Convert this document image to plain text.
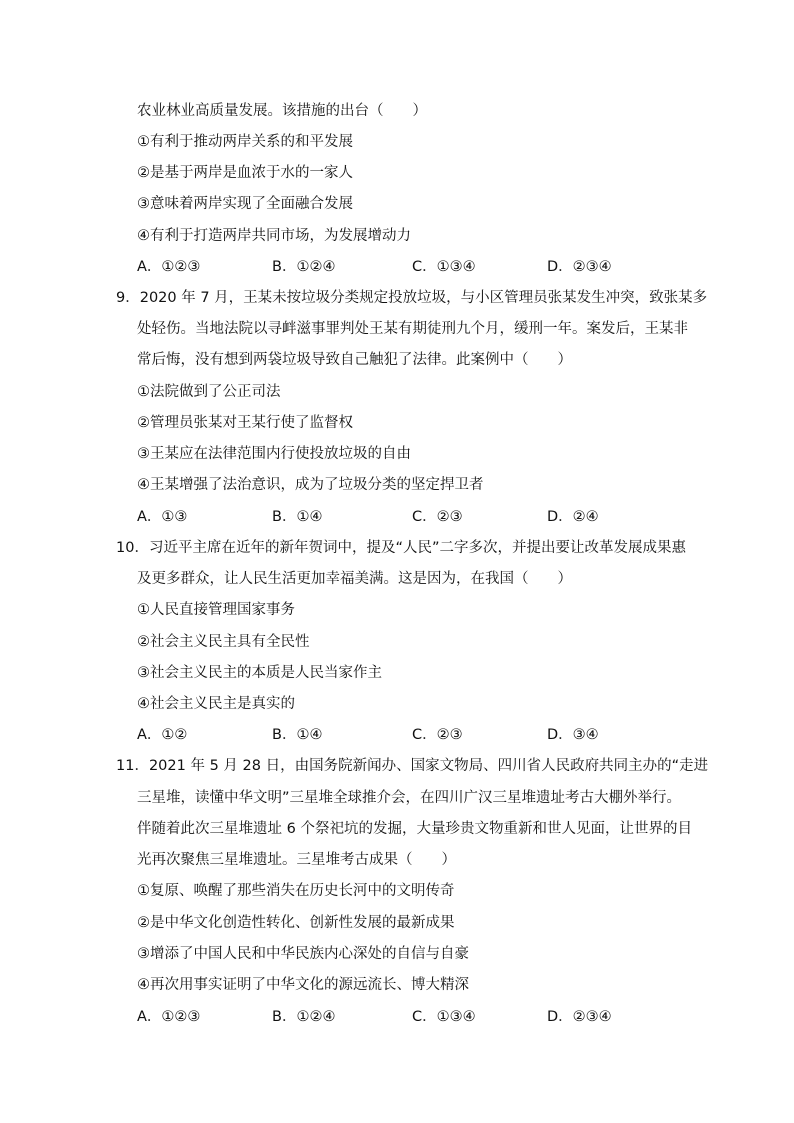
农业林业高质量发展。该措施的出台（　　）
①有利于推动两岸关系的和平发展
②是基于两岸是血浓于水的一家人
③意味着两岸实现了全面融合发展
④有利于打造两岸共同市场，为发展增动力
A．①②③	B．①②④	C．①③④	D．②③④
9．2020 年 7 月，王某未按垃圾分类规定投放垃圾，与小区管理员张某发生冲突，致张某多
处轻伤。当地法院以寻衅滋事罪判处王某有期徒刑九个月，缓刑一年。案发后，王某非
常后悔，没有想到两袋垃圾导致自己触犯了法律。此案例中（　　）
①法院做到了公正司法
②管理员张某对王某行使了监督权
③王某应在法律范围内行使投放垃圾的自由
④王某增强了法治意识，成为了垃圾分类的坚定捍卫者
A．①③	B．①④	C．②③	D．②④
10．习近平主席在近年的新年贺词中，提及“人民”二字多次，并提出要让改革发展成果惠
及更多群众，让人民生活更加幸福美满。这是因为，在我国（　　）
①人民直接管理国家事务
②社会主义民主具有全民性
③社会主义民主的本质是人民当家作主
④社会主义民主是真实的
A．①②	B．①④	C．②③	D．③④
11．2021 年 5 月 28 日，由国务院新闻办、国家文物局、四川省人民政府共同主办的“走进
三星堆，读懂中华文明”三星堆全球推介会，在四川广汉三星堆遗址考古大棚外举行。
伴随着此次三星堆遗址 6 个祭祀坑的发掘，大量珍贵文物重新和世人见面，让世界的目
光再次聚焦三星堆遗址。三星堆考古成果（　　）
①复原、唤醒了那些消失在历史长河中的文明传奇
②是中华文化创造性转化、创新性发展的最新成果
③增添了中国人民和中华民族内心深处的自信与自豪
④再次用事实证明了中华文化的源远流长、博大精深
A．①②③	B．①②④	C．①③④	D．②③④
